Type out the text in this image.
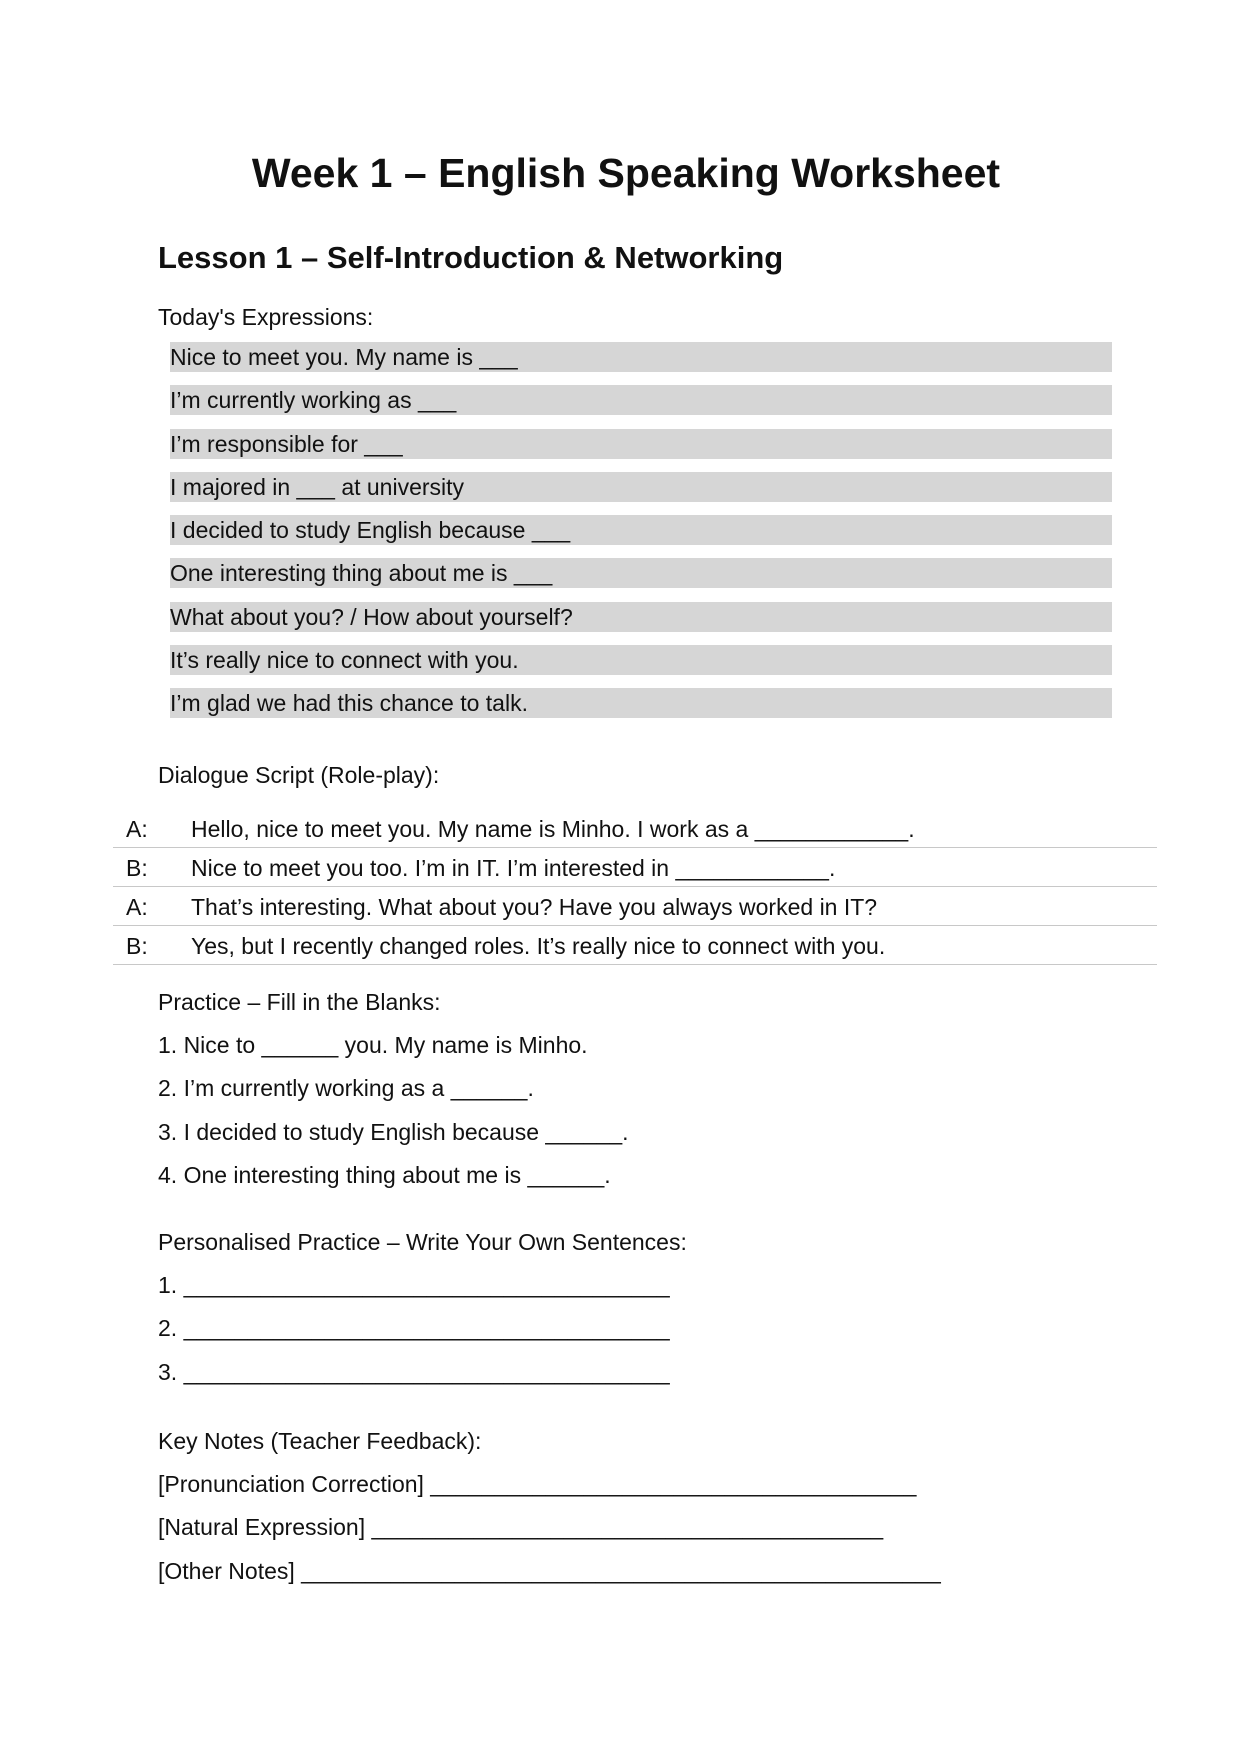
Week 1 – English Speaking Worksheet
Lesson 1 – Self-Introduction & Networking

Today's Expressions:

Nice to meet you. My name is ___
I’m currently working as ___
I’m responsible for ___
I majored in ___ at university
I decided to study English because ___
One interesting thing about me is ___
What about you? / How about yourself?
It’s really nice to connect with you.
I’m glad we had this chance to talk.

Dialogue Script (Role-play):

A: Hello, nice to meet you. My name is Minho. I work as a ____________.
B: Nice to meet you too. I’m in IT. I’m interested in ____________.
A: That’s interesting. What about you? Have you always worked in IT?
B: Yes, but I recently changed roles. It’s really nice to connect with you.

Practice – Fill in the Blanks:

1. Nice to ______ you. My name is Minho.
2. I’m currently working as a ______.
3. I decided to study English because ______.
4. One interesting thing about me is ______.

Personalised Practice – Write Your Own Sentences:

1. ______________________________________
2. ______________________________________
3. ______________________________________

Key Notes (Teacher Feedback):

[Pronunciation Correction] ______________________________________
[Natural Expression] ________________________________________
[Other Notes] __________________________________________________
